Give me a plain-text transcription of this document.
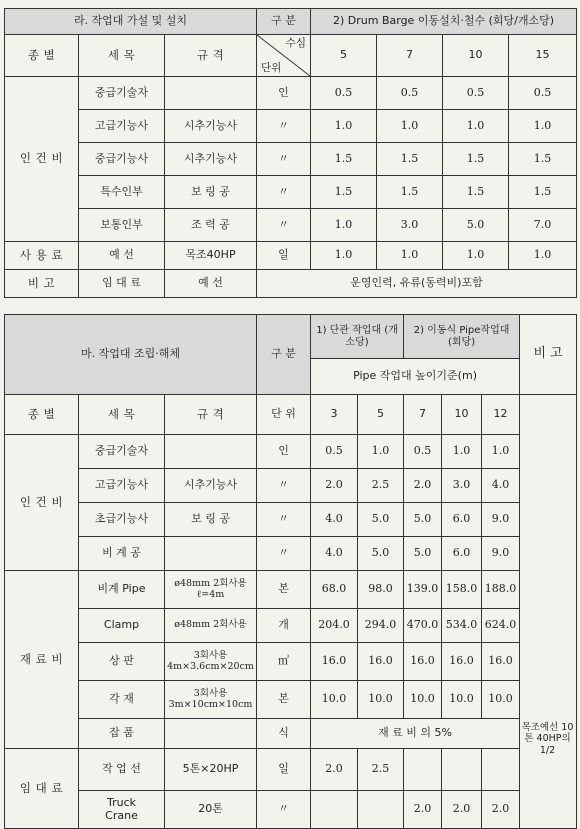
라. 작업대 가설 및 설치			구 분	2) Drum Barge 이동설치·철수 (회당/개소당)			
종 별	세 목	규 격	수심
단위	5	7	10	15
인 건 비	중급기술자		인	0.5	0.5	0.5	0.5
	고급기능사	시추기능사	〃	1.0	1.0	1.0	1.0
	중급기능사	시추기능사	〃	1.5	1.5	1.5	1.5
	특수인부	보 링 공	〃	1.5	1.5	1.5	1.5
	보통인부	조 력 공	〃	1.0	3.0	5.0	7.0
사 용 료	예 선	목조40HP	일	1.0	1.0	1.0	1.0
비 고	임 대 료	예 선	운영인력, 유류(동력비)포함				
마. 작업대 조립·해체			구 분	1) 단관 작업대 (개소당)		2) 이동식 Pipe작업대 (회당)			비 고
				Pipe 작업대 높이기준(m)					
종 별	세 목	규 격	단 위	3	5	7	10	12	
인 건 비	중급기술자		인	0.5	1.0	0.5	1.0	1.0	
	고급기능사	시추기능사	〃	2.0	2.5	2.0	3.0	4.0	
	초급기능사	보 링 공	〃	4.0	5.0	5.0	6.0	9.0	
	비 계 공		〃	4.0	5.0	5.0	6.0	9.0	
재 료 비	비계 Pipe	ø48mm 2회사용
ℓ=4m	본	68.0	98.0	139.0	158.0	188.0	
	Clamp	ø48mm 2회사용	개	204.0	294.0	470.0	534.0	624.0	
	상 판	3회사용
4m×3.6cm×20cm	㎥	16.0	16.0	16.0	16.0	16.0	
	각 재	3회사용
3m×10cm×10cm	본	10.0	10.0	10.0	10.0	10.0	
	잡 품		식	재 료 비 의 5%					
임 대 료	작 업 선	5톤×20HP	일	2.0	2.5				

	Truck
Crane	20톤	〃			2.0	2.0	2.0	
목조예선 10톤 40HP의 1/2
